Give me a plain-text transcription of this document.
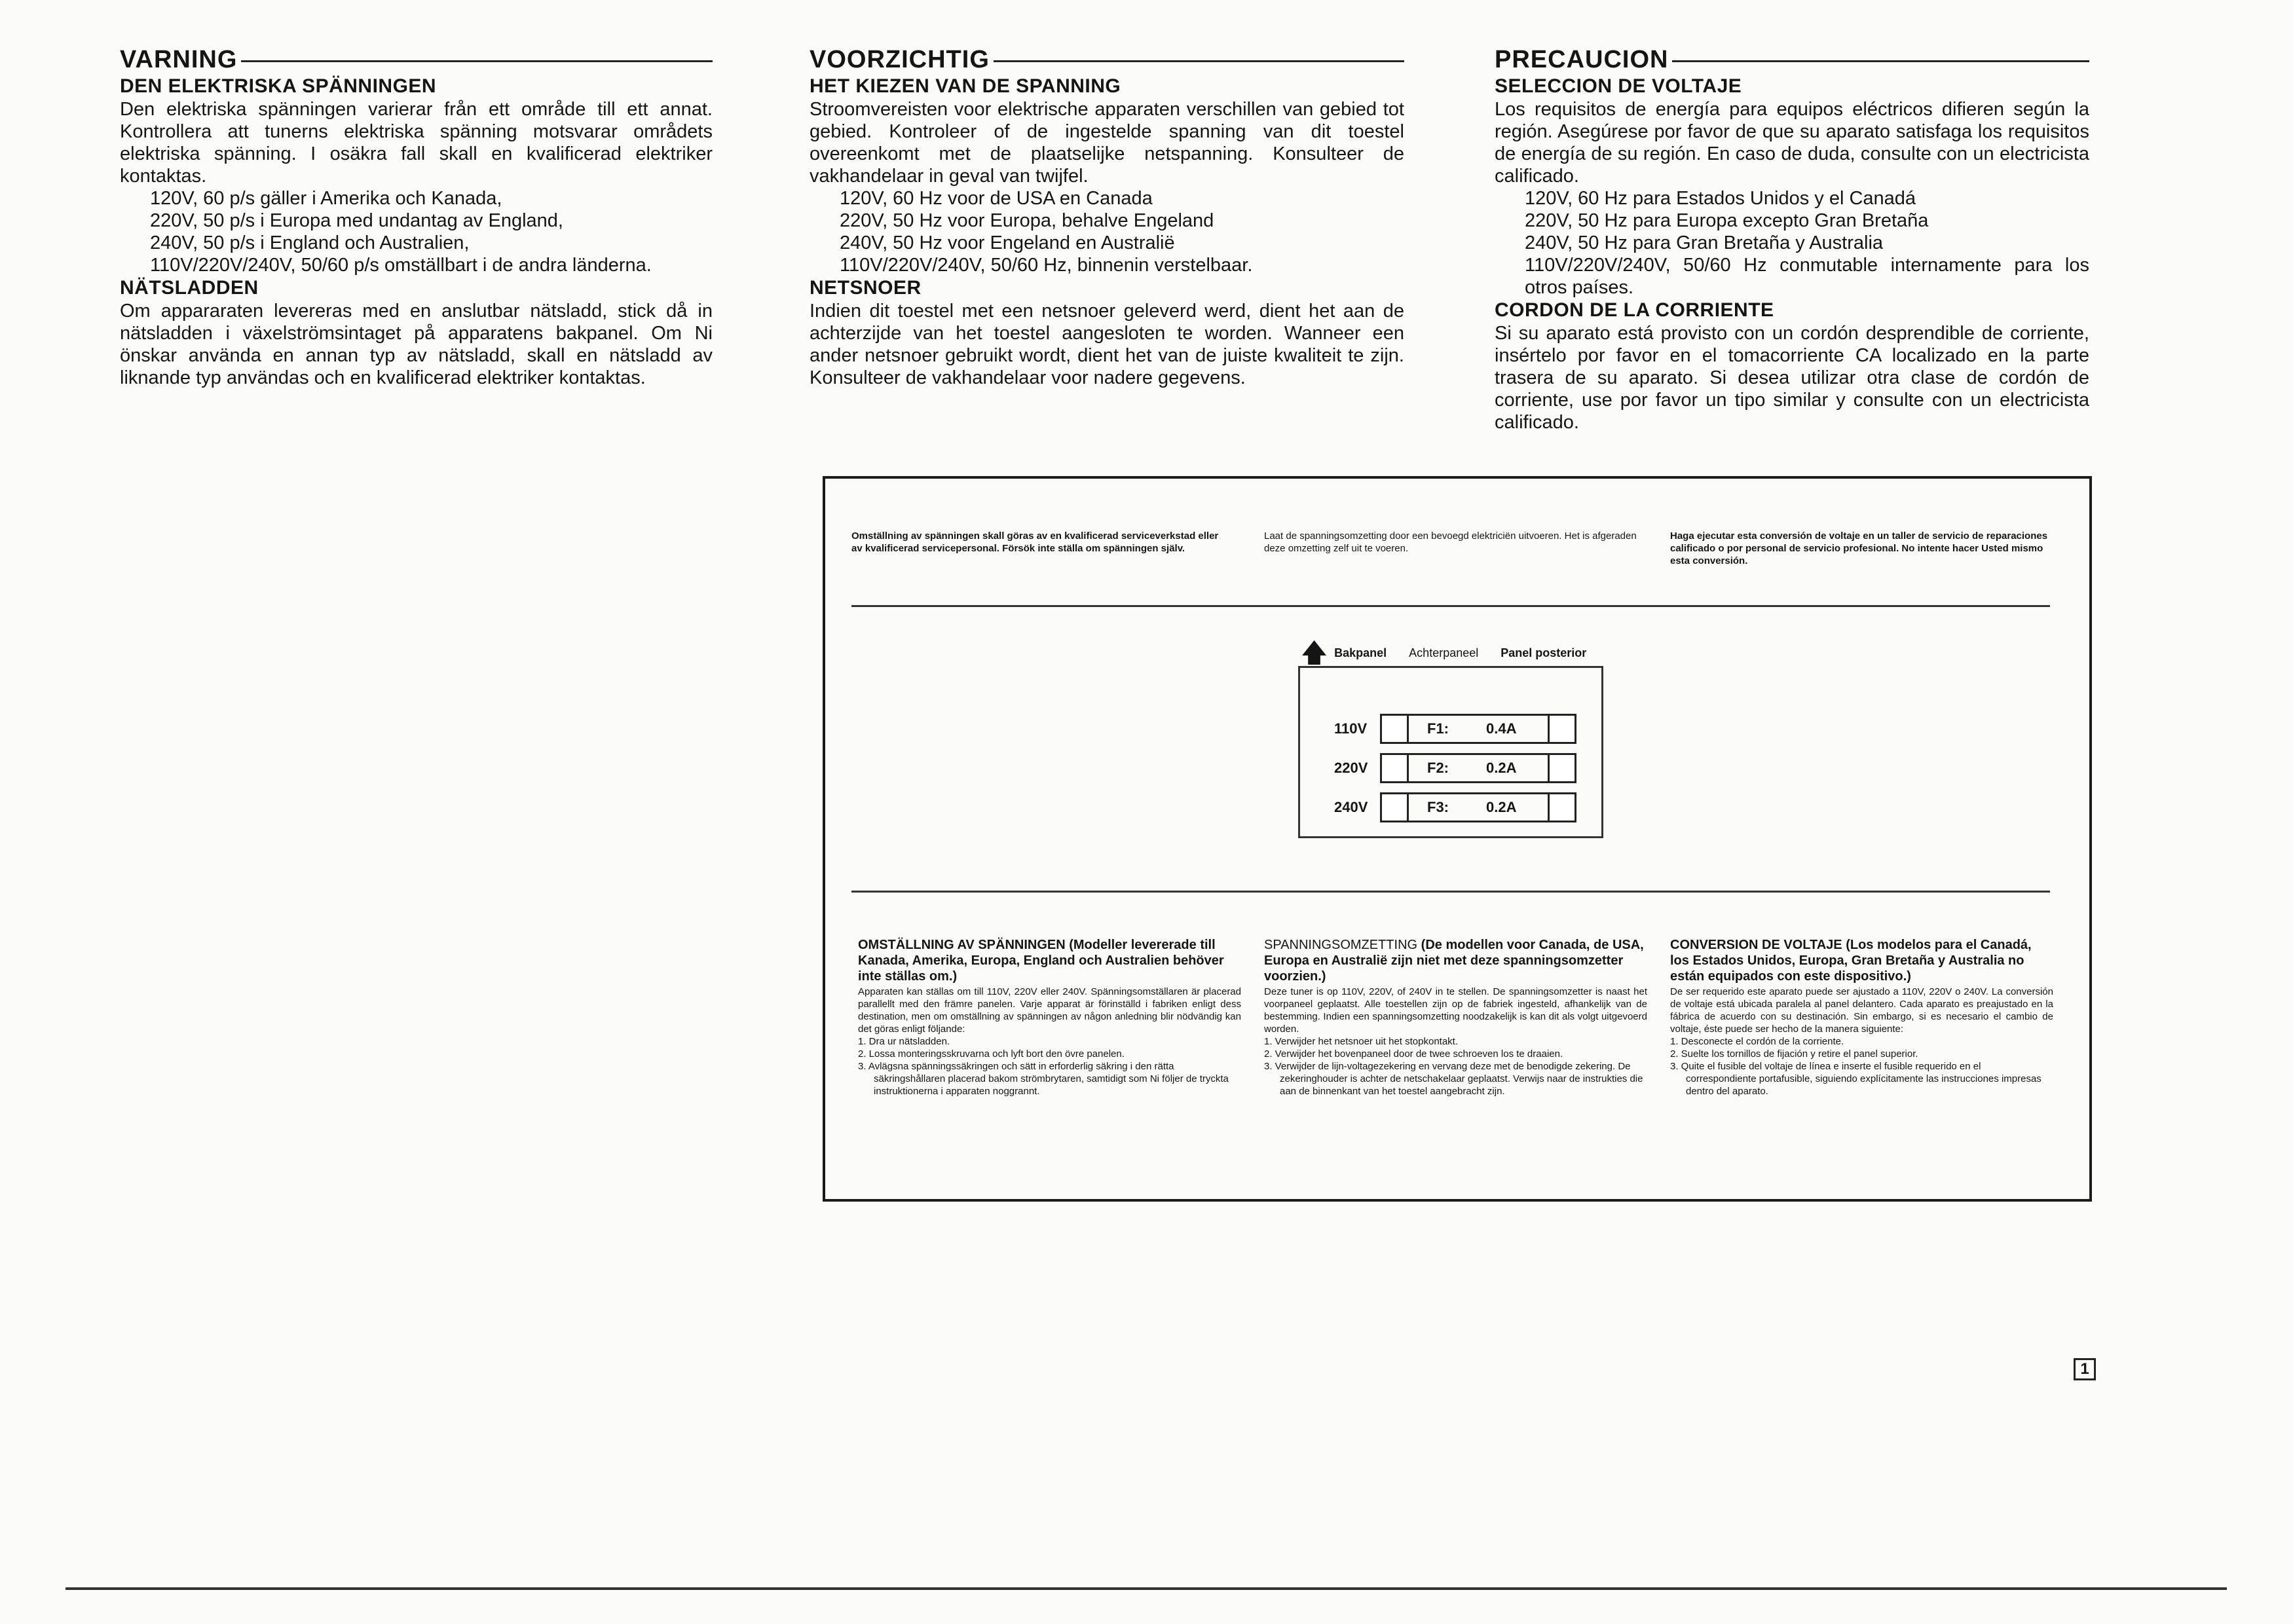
VARNING
DEN ELEKTRISKA SPÄNNINGEN

Den elektriska spänningen varierar från ett område till ett annat. Kontrollera att tunerns elektriska spänning motsvarar områdets elektriska spänning. I osäkra fall skall en kvalificerad elektriker kontaktas.

120V, 60 p/s gäller i Amerika och Kanada,

220V, 50 p/s i Europa med undantag av England,

240V, 50 p/s i England och Australien,

110V/220V/240V, 50/60 p/s omställbart i de andra länderna.

NÄTSLADDEN

Om appararaten levereras med en anslutbar nätsladd, stick då in nätsladden i växelströmsintaget på apparatens bakpanel. Om Ni önskar använda en annan typ av nätsladd, skall en nätsladd av liknande typ användas och en kvalificerad elektriker kontaktas.

VOORZICHTIG
HET KIEZEN VAN DE SPANNING

Stroomvereisten voor elektrische apparaten verschillen van gebied tot gebied. Kontroleer of de ingestelde spanning van dit toestel overeenkomt met de plaatselijke netspanning. Konsulteer de vakhandelaar in geval van twijfel.

120V, 60 Hz voor de USA en Canada

220V, 50 Hz voor Europa, behalve Engeland

240V, 50 Hz voor Engeland en Australië

110V/220V/240V, 50/60 Hz, binnenin verstelbaar.

NETSNOER

Indien dit toestel met een netsnoer geleverd werd, dient het aan de achterzijde van het toestel aangesloten te worden. Wanneer een ander netsnoer gebruikt wordt, dient het van de juiste kwaliteit te zijn. Konsulteer de vakhandelaar voor nadere gegevens.

PRECAUCION
SELECCION DE VOLTAJE

Los requisitos de energía para equipos eléctricos difieren según la región. Asegúrese por favor de que su aparato satisfaga los requisitos de energía de su región. En caso de duda, consulte con un electricista calificado.

120V, 60 Hz para Estados Unidos y el Canadá

220V, 50 Hz para Europa excepto Gran Bretaña

240V, 50 Hz para Gran Bretaña y Australia

110V/220V/240V, 50/60 Hz conmutable internamente para los otros países.

CORDON DE LA CORRIENTE

Si su aparato está provisto con un cordón desprendible de corriente, insértelo por favor en el tomacorriente CA localizado en la parte trasera de su aparato. Si desea utilizar otra clase de cordón de corriente, use por favor un tipo similar y consulte con un electricista calificado.

Omställning av spänningen skall göras av en kvalificerad serviceverkstad eller av kvalificerad servicepersonal. Försök inte ställa om spänningen själv.
Laat de spanningsomzetting door een bevoegd elektriciën uitvoeren. Het is afgeraden deze omzetting zelf uit te voeren.
Haga ejecutar esta conversión de voltaje en un taller de servicio de reparaciones calificado o por personal de servicio profesional. No intente hacer Usted mismo esta conversión.
🡅 Bakpanel Achterpaneel Panel posterior
110V	F1:	0.4A
220V	F2:	0.2A
240V	F3:	0.2A

OMSTÄLLNING AV SPÄNNINGEN (Modeller levererade till Kanada, Amerika, Europa, England och Australien behöver inte ställas om.)

Apparaten kan ställas om till 110V, 220V eller 240V. Spänningsomställaren är placerad parallellt med den främre panelen. Varje apparat är förinställd i fabriken enligt dess destination, men om omställning av spänningen av någon anledning blir nödvändig kan det göras enligt följande:

1. Dra ur nätsladden.

2. Lossa monteringsskruvarna och lyft bort den övre panelen.

3. Avlägsna spänningssäkringen och sätt in erforderlig säkring i den rätta säkringshållaren placerad bakom strömbrytaren, samtidigt som Ni följer de tryckta instruktionerna i apparaten noggrannt.

SPANNINGSOMZETTING (De modellen voor Canada, de USA, Europa en Australië zijn niet met deze spanningsomzetter voorzien.)

Deze tuner is op 110V, 220V, of 240V in te stellen. De spanningsomzetter is naast het voorpaneel geplaatst. Alle toestellen zijn op de fabriek ingesteld, afhankelijk van de bestemming. Indien een spanningsomzetting noodzakelijk is kan dit als volgt uitgevoerd worden.

1. Verwijder het netsnoer uit het stopkontakt.

2. Verwijder het bovenpaneel door de twee schroeven los te draaien.

3. Verwijder de lijn-voltagezekering en vervang deze met de benodigde zekering. De zekeringhouder is achter de netschakelaar geplaatst. Verwijs naar de instrukties die aan de binnenkant van het toestel aangebracht zijn.

CONVERSION DE VOLTAJE (Los modelos para el Canadá, los Estados Unidos, Europa, Gran Bretaña y Australia no están equipados con este dispositivo.)

De ser requerido este aparato puede ser ajustado a 110V, 220V o 240V. La conversión de voltaje está ubicada paralela al panel delantero. Cada aparato es preajustado en la fábrica de acuerdo con su destinación. Sin embargo, si es necesario el cambio de voltaje, éste puede ser hecho de la manera siguiente:

1. Desconecte el cordón de la corriente.

2. Suelte los tornillos de fijación y retire el panel superior.

3. Quite el fusible del voltaje de línea e inserte el fusible requerido en el correspondiente portafusible, siguiendo explícitamente las instrucciones impresas dentro del aparato.

1
